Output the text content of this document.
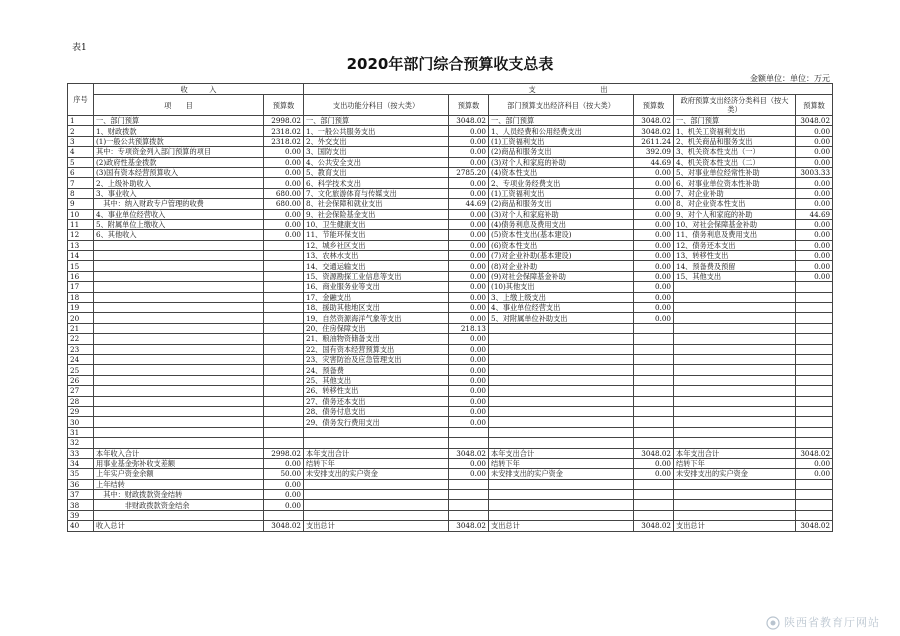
表1
2020年部门综合预算收支总表
金额单位：单位：万元
序号	收　　　入		支　　　　　　　　　出					
	项　　目	预算数	支出功能分科目（按大类）	预算数	部门预算支出经济科目（按大类）	预算数	政府预算支出经济分类科目（按大类）	预算数
1	一、部门预算	2998.02	一、部门预算	3048.02	一、部门预算	3048.02	一、部门预算	3048.02
2	1、财政拨款	2318.02	1、一般公共服务支出	0.00	1、人员经费和公用经费支出	3048.02	1、机关工资福利支出	0.00
3	(1)一般公共预算拨款	2318.02	2、外交支出	0.00	(1)工资福利支出	2611.24	2、机关商品和服务支出	0.00
4	其中：专项资金列入部门预算的项目	0.00	3、国防支出	0.00	(2)商品和服务支出	392.09	3、机关资本性支出（一）	0.00
5	(2)政府性基金拨款	0.00	4、公共安全支出	0.00	(3)对个人和家庭的补助	44.69	4、机关资本性支出（二）	0.00
6	(3)国有资本经营预算收入	0.00	5、教育支出	2785.20	(4)资本性支出	0.00	5、对事业单位经常性补助	3003.33
7	2、上级补助收入	0.00	6、科学技术支出	0.00	2、专项业务经费支出	0.00	6、对事业单位资本性补助	0.00
8	3、事业收入	680.00	7、文化旅游体育与传媒支出	0.00	(1)工资福利支出	0.00	7、对企业补助	0.00
9	　其中：纳入财政专户管理的收费	680.00	8、社会保障和就业支出	44.69	(2)商品和服务支出	0.00	8、对企业资本性支出	0.00
10	4、事业单位经营收入	0.00	9、社会保险基金支出	0.00	(3)对个人和家庭补助	0.00	9、对个人和家庭的补助	44.69
11	5、附属单位上缴收入	0.00	10、卫生健康支出	0.00	(4)债务利息及费用支出	0.00	10、对社会保障基金补助	0.00
12	6、其他收入	0.00	11、节能环保支出	0.00	(5)资本性支出(基本建设)	0.00	11、债务利息及费用支出	0.00
13			12、城乡社区支出	0.00	(6)资本性支出	0.00	12、债务还本支出	0.00
14			13、农林水支出	0.00	(7)对企业补助(基本建设)	0.00	13、转移性支出	0.00
15			14、交通运输支出	0.00	(8)对企业补助	0.00	14、预备费及预留	0.00
16			15、资源勘探工业信息等支出	0.00	(9)对社会保障基金补助	0.00	15、其他支出	0.00
17			16、商业服务业等支出	0.00	(10)其他支出	0.00		
18			17、金融支出	0.00	3、上缴上级支出	0.00		
19			18、援助其他地区支出	0.00	4、事业单位经营支出	0.00		
20			19、自然资源海洋气象等支出	0.00	5、对附属单位补助支出	0.00		
21			20、住房保障支出	218.13				
22			21、粮油物资储备支出	0.00				
23			22、国有资本经营预算支出	0.00				
24			23、灾害防治及应急管理支出	0.00				
25			24、预备费	0.00				
26			25、其他支出	0.00				
27			26、转移性支出	0.00				
28			27、债务还本支出	0.00				
29			28、债务付息支出	0.00				
30			29、债务发行费用支出	0.00				
31								
32								
33	本年收入合计	2998.02	本年支出合计	3048.02	本年支出合计	3048.02	本年支出合计	3048.02
34	用事业基金弥补收支差额	0.00	结转下年	0.00	结转下年	0.00	结转下年	0.00
35	上年实户资金余额	50.00	未安排支出的实户资金	0.00	未安排支出的实户资金	0.00	未安排支出的实户资金	0.00
36	上年结转	0.00						
37	　其中：财政拨款资金结转	0.00						
38	　　　　非财政拨款资金结余	0.00						
39								
40	收入总计	3048.02	支出总计	3048.02	支出总计	3048.02	支出总计	3048.02
陕西省教育厅网站
